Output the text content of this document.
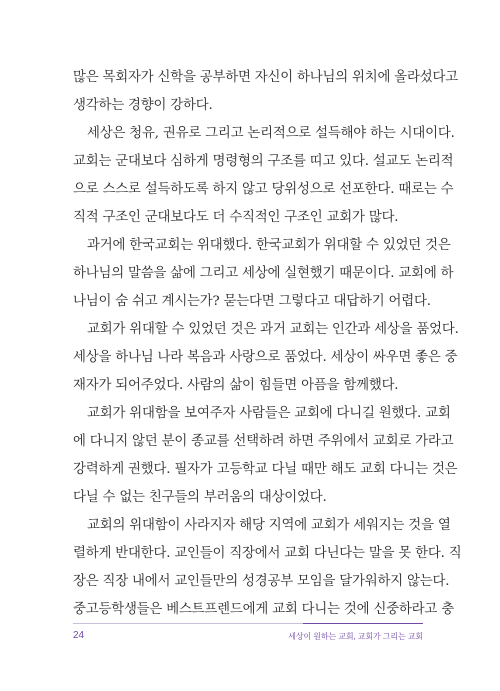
많은 목회자가 신학을 공부하면 자신이 하나님의 위치에 올라섰다고
생각하는 경향이 강하다.
세상은 청유, 권유로 그리고 논리적으로 설득해야 하는 시대이다.
교회는 군대보다 심하게 명령형의 구조를 띠고 있다. 설교도 논리적
으로 스스로 설득하도록 하지 않고 당위성으로 선포한다. 때로는 수
직적 구조인 군대보다도 더 수직적인 구조인 교회가 많다.
과거에 한국교회는 위대했다. 한국교회가 위대할 수 있었던 것은
하나님의 말씀을 삶에 그리고 세상에 실현했기 때문이다. 교회에 하
나님이 숨 쉬고 계시는가? 묻는다면 그렇다고 대답하기 어렵다.
교회가 위대할 수 있었던 것은 과거 교회는 인간과 세상을 품었다.
세상을 하나님 나라 복음과 사랑으로 품었다. 세상이 싸우면 좋은 중
재자가 되어주었다. 사람의 삶이 힘들면 아픔을 함께했다.
교회가 위대함을 보여주자 사람들은 교회에 다니길 원했다. 교회
에 다니지 않던 분이 종교를 선택하려 하면 주위에서 교회로 가라고
강력하게 권했다. 필자가 고등학교 다닐 때만 해도 교회 다니는 것은
다닐 수 없는 친구들의 부러움의 대상이었다.
교회의 위대함이 사라지자 해당 지역에 교회가 세워지는 것을 열
렬하게 반대한다. 교인들이 직장에서 교회 다닌다는 말을 못 한다. 직
장은 직장 내에서 교인들만의 성경공부 모임을 달가워하지 않는다.
중고등학생들은 베스트프렌드에게 교회 다니는 것에 신중하라고 충
24	세상이 원하는 교회, 교회가 그리는 교회
